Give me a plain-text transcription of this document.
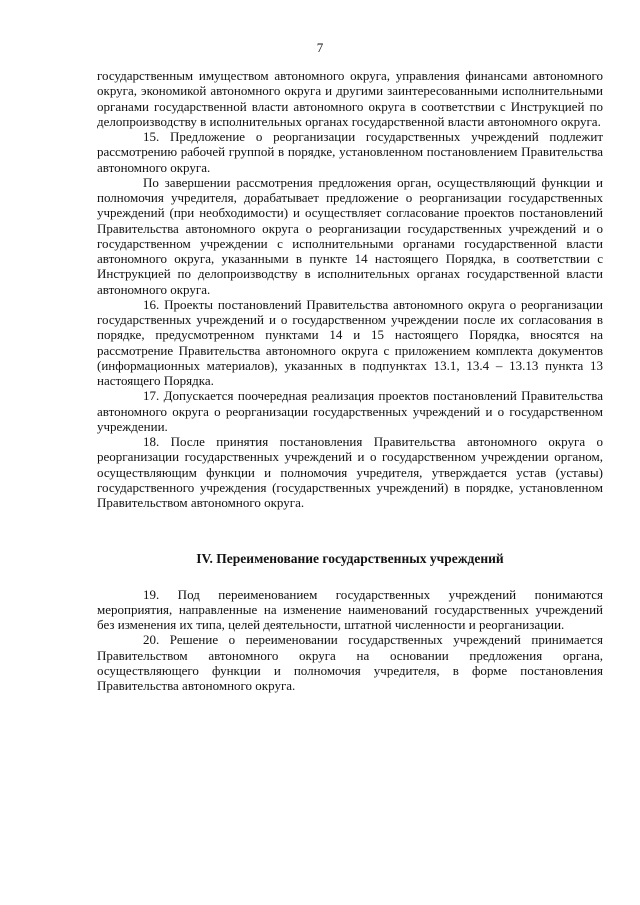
7

государственным имуществом автономного округа, управления финансами автономного округа, экономикой автономного округа и другими заинтересованными исполнительными органами государственной власти автономного округа в соответствии с Инструкцией по делопроизводству в исполнительных органах государственной власти автономного округа.

15. Предложение о реорганизации государственных учреждений подлежит рассмотрению рабочей группой в порядке, установленном постановлением Правительства автономного округа.

По завершении рассмотрения предложения орган, осуществляющий функции и полномочия учредителя, дорабатывает предложение о реорганизации государственных учреждений (при необходимости) и осуществляет согласование проектов постановлений Правительства автономного округа о реорганизации государственных учреждений и о государственном учреждении с исполнительными органами государственной власти автономного округа, указанными в пункте 14 настоящего Порядка, в соответствии с Инструкцией по делопроизводству в исполнительных органах государственной власти автономного округа.

16. Проекты постановлений Правительства автономного округа о реорганизации государственных учреждений и о государственном учреждении после их согласования в порядке, предусмотренном пунктами 14 и 15 настоящего Порядка, вносятся на рассмотрение Правительства автономного округа с приложением комплекта документов (информационных материалов), указанных в подпунктах 13.1, 13.4 – 13.13 пункта 13 настоящего Порядка.

17. Допускается поочередная реализация проектов постановлений Правительства автономного округа о реорганизации государственных учреждений и о государственном учреждении.

18. После принятия постановления Правительства автономного округа о реорганизации государственных учреждений и о государственном учреждении органом, осуществляющим функции и полномочия учредителя, утверждается устав (уставы) государственного учреждения (государственных учреждений) в порядке, установленном Правительством автономного округа.

IV. Переименование государственных учреждений

19. Под переименованием государственных учреждений понимаются мероприятия, направленные на изменение наименований государственных учреждений без изменения их типа, целей деятельности, штатной численности и реорганизации.

20. Решение о переименовании государственных учреждений принимается Правительством автономного округа на основании предложения органа, осуществляющего функции и полномочия учредителя, в форме постановления Правительства автономного округа.
